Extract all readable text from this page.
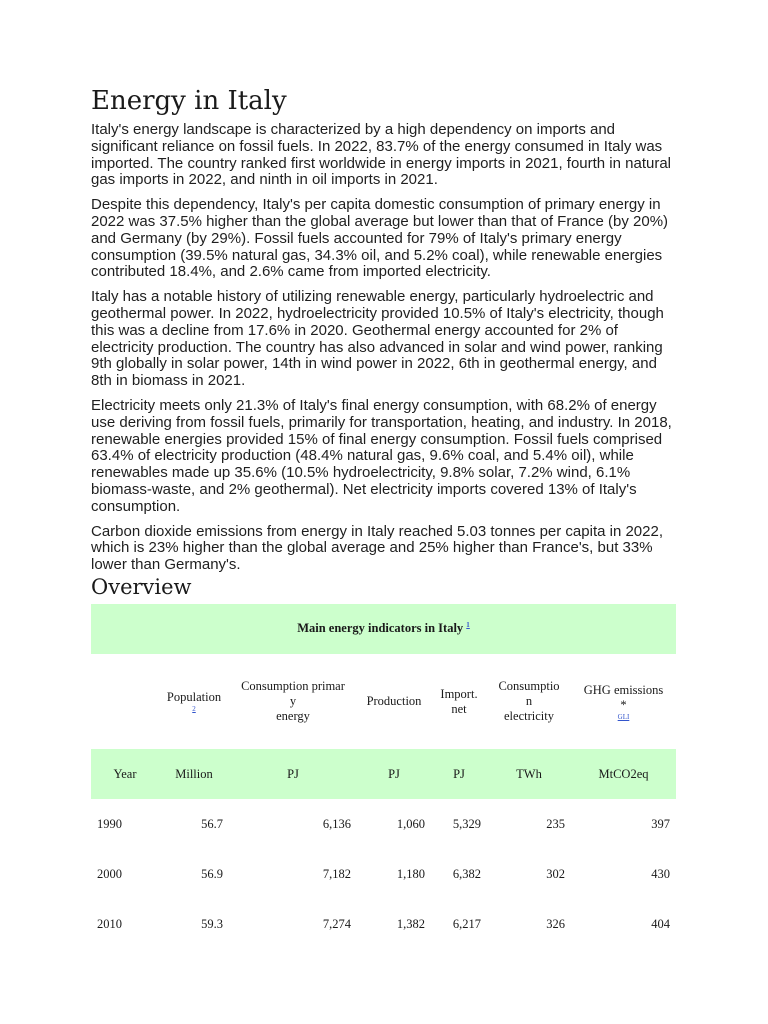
Energy in Italy

Italy's energy landscape is characterized by a high dependency on imports and significant reliance on fossil fuels. In 2022, 83.7% of the energy consumed in Italy was imported. The country ranked first worldwide in energy imports in 2021, fourth in natural gas imports in 2022, and ninth in oil imports in 2021.

Despite this dependency, Italy's per capita domestic consumption of primary energy in 2022 was 37.5% higher than the global average but lower than that of France (by 20%) and Germany (by 29%). Fossil fuels accounted for 79% of Italy's primary energy consumption (39.5% natural gas, 34.3% oil, and 5.2% coal), while renewable energies contributed 18.4%, and 2.6% came from imported electricity.

Italy has a notable history of utilizing renewable energy, particularly hydroelectric and geothermal power. In 2022, hydroelectricity provided 10.5% of Italy's electricity, though this was a decline from 17.6% in 2020. Geothermal energy accounted for 2% of electricity production. The country has also advanced in solar and wind power, ranking 9th globally in solar power, 14th in wind power in 2022, 6th in geothermal energy, and 8th in biomass in 2021.

Electricity meets only 21.3% of Italy's final energy consumption, with 68.2% of energy use deriving from fossil fuels, primarily for transportation, heating, and industry. In 2018, renewable energies provided 15% of final energy consumption. Fossil fuels comprised 63.4% of electricity production (48.4% natural gas, 9.6% coal, and 5.4% oil), while renewables made up 35.6% (10.5% hydroelectricity, 9.8% solar, 7.2% wind, 6.1% biomass-waste, and 2% geothermal). Net electricity imports covered 13% of Italy's consumption.

Carbon dioxide emissions from energy in Italy reached 5.03 tonnes per capita in 2022, which is 23% higher than the global average and 25% higher than France's, but 33% lower than Germany's.

Overview
Main energy indicators in Italy $^1$
	Population
2	Consumption primar
y
energy	Production	Import.
net	Consumptio
n
electricity	GHG emissions
*
GLI

Year	Million	PJ	PJ	PJ	TWh	MtCO2eq
1990	56.7	6,136	1,060	5,329	235	397
2000	56.9	7,182	1,180	6,382	302	430
2010	59.3	7,274	1,382	6,217	326	404
